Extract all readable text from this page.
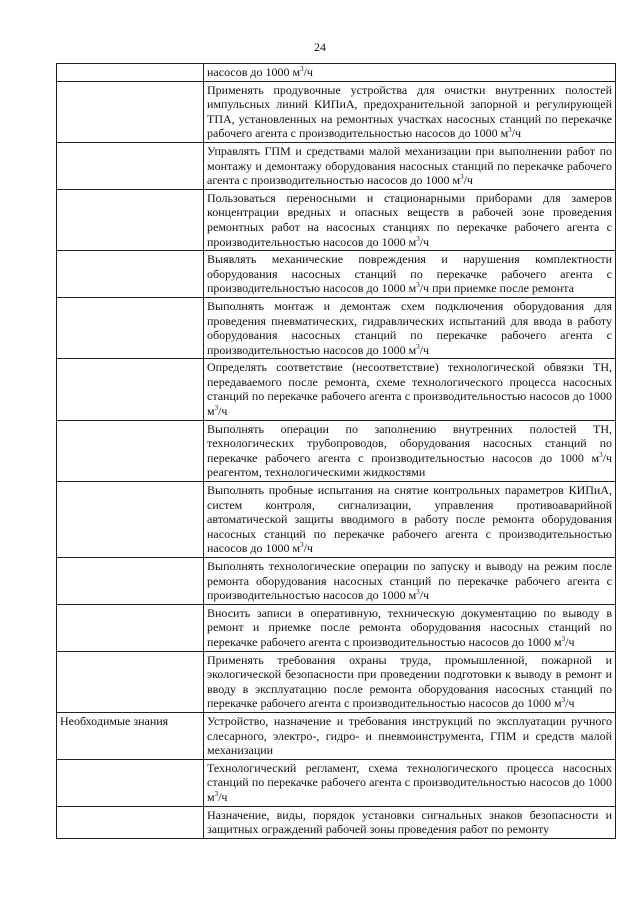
24
	насосов до 1000 $м^3/ч$
	Применять продувочные устройства для очистки внутренних полостей импульсных линий КИПиА, предохранительной запорной и регулирующей ТПА, установленных на ремонтных участках насосных станций по перекачке рабочего агента с производительностью насосов до 1000 $м^3/ч$
	Управлять ГПМ и средствами малой механизации при выполнении работ по монтажу и демонтажу оборудования насосных станций по перекачке рабочего агента с производительностью насосов до 1000 $м^3/ч$
	Пользоваться переносными и стационарными приборами для замеров концентрации вредных и опасных веществ в рабочей зоне проведения ремонтных работ на насосных станциях по перекачке рабочего агента с производительностью насосов до 1000 $м^3/ч$
	Выявлять механические повреждения и нарушения комплектности оборудования насосных станций по перекачке рабочего агента с производительностью насосов до 1000 $м^3/ч$ при приемке после ремонта
	Выполнять монтаж и демонтаж схем подключения оборудования для проведения пневматических, гидравлических испытаний для ввода в работу оборудования насосных станций по перекачке рабочего агента с производительностью насосов до 1000 $м^3/ч$
	Определять соответствие (несоответствие) технологической обвязки ТН, передаваемого после ремонта, схеме технологического процесса насосных станций по перекачке рабочего агента с производительностью насосов до 1000 $м^3/ч$
	Выполнять операции по заполнению внутренних полостей ТН, технологических трубопроводов, оборудования насосных станций по перекачке рабочего агента с производительностью насосов до 1000 $м^3/ч$ реагентом, технологическими жидкостями
	Выполнять пробные испытания на снятие контрольных параметров КИПиА, систем контроля, сигнализации, управления противоаварийной автоматической защиты вводимого в работу после ремонта оборудования насосных станций по перекачке рабочего агента с производительностью насосов до 1000 $м^3/ч$
	Выполнять технологические операции по запуску и выводу на режим после ремонта оборудования насосных станций по перекачке рабочего агента с производительностью насосов до 1000 $м^3/ч$
	Вносить записи в оперативную, техническую документацию по выводу в ремонт и приемке после ремонта оборудования насосных станций по перекачке рабочего агента с производительностью насосов до 1000 $м^3/ч$
	Применять требования охраны труда, промышленной, пожарной и экологической безопасности при проведении подготовки к выводу в ремонт и вводу в эксплуатацию после ремонта оборудования насосных станций по перекачке рабочего агента с производительностью насосов до 1000 $м^3/ч$
Необходимые знания	Устройство, назначение и требования инструкций по эксплуатации ручного слесарного, электро-, гидро- и пневмоинструмента, ГПМ и средств малой механизации
	Технологический регламент, схема технологического процесса насосных станций по перекачке рабочего агента с производительностью насосов до 1000 $м^3/ч$
	Назначение, виды, порядок установки сигнальных знаков безопасности и защитных ограждений рабочей зоны проведения работ по ремонту
